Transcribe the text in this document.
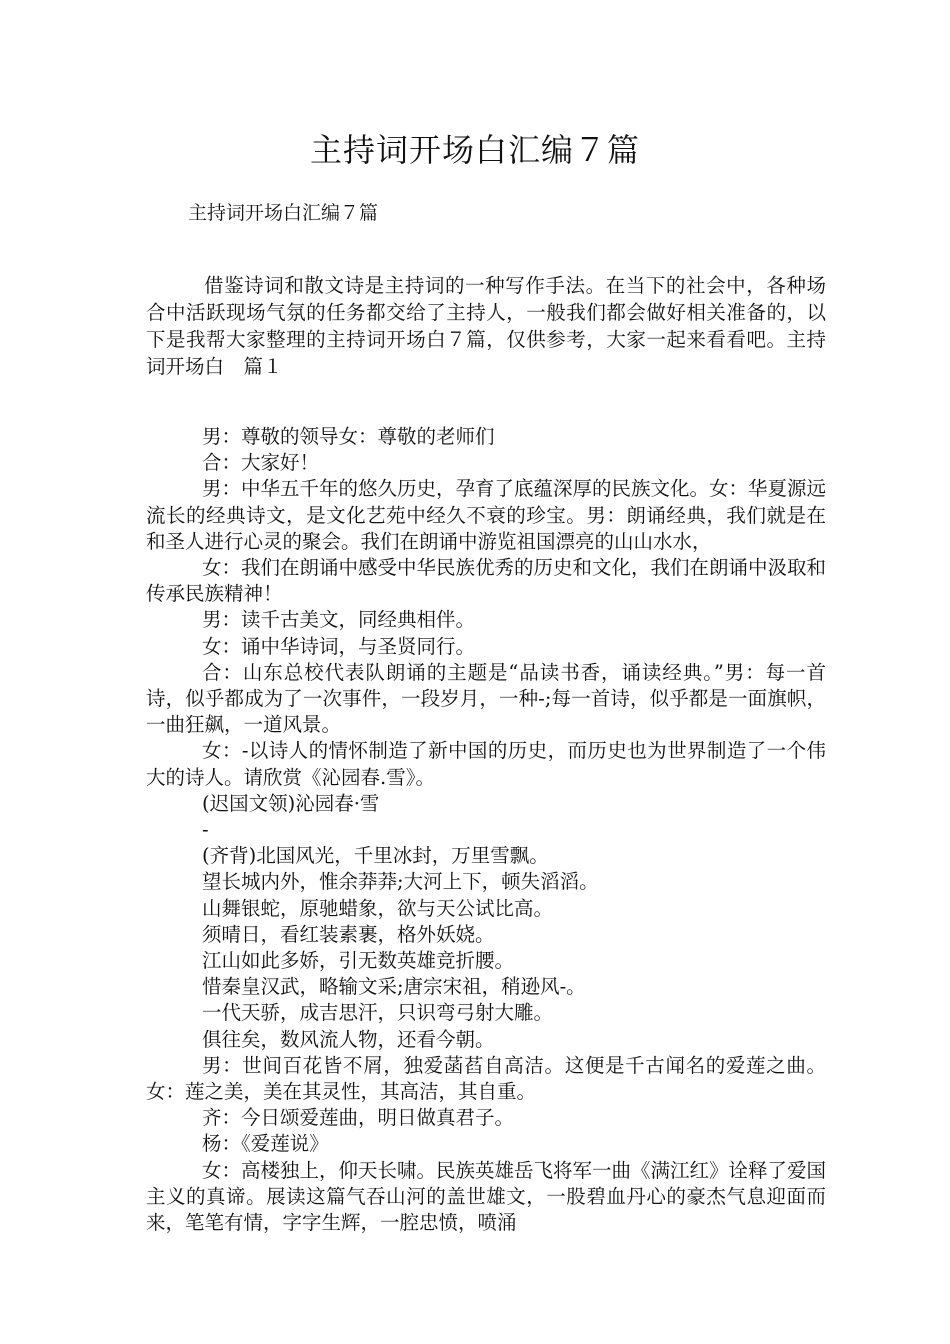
主持词开场白汇编７篇
主持词开场白汇编７篇
借鉴诗词和散文诗是主持词的一种写作手法。在当下的社会中，各种场合中活跃现场气氛的任务都交给了主持人，一般我们都会做好相关准备的，以下是我帮大家整理的主持词开场白７篇，仅供参考，大家一起来看看吧。主持词开场白　篇１

男：尊敬的领导女：尊敬的老师们

合：大家好！

男：中华五千年的悠久历史，孕育了底蕴深厚的民族文化。女：华夏源远流长的经典诗文，是文化艺苑中经久不衰的珍宝。男：朗诵经典，我们就是在和圣人进行心灵的聚会。我们在朗诵中游览祖国漂亮的山山水水，

女：我们在朗诵中感受中华民族优秀的历史和文化，我们在朗诵中汲取和传承民族精神！

男：读千古美文，同经典相伴。

女：诵中华诗词，与圣贤同行。

合：山东总校代表队朗诵的主题是“品读书香，诵读经典。”男：每一首诗，似乎都成为了一次事件，一段岁月，一种-;每一首诗，似乎都是一面旗帜，一曲狂飙，一道风景。

女：-以诗人的情怀制造了新中国的历史，而历史也为世界制造了一个伟大的诗人。请欣赏《沁园春.雪》。

(迟国文领)沁园春·雪

-

(齐背)北国风光，千里冰封，万里雪飘。

望长城内外，惟余莽莽;大河上下，顿失滔滔。

山舞银蛇，原驰蜡象，欲与天公试比高。

须晴日，看红装素裹，格外妖娆。

江山如此多娇，引无数英雄竞折腰。

惜秦皇汉武，略输文采;唐宗宋祖，稍逊风-。

一代天骄，成吉思汗，只识弯弓射大雕。

俱往矣，数风流人物，还看今朝。

男：世间百花皆不屑，独爱菡萏自高洁。这便是千古闻名的爱莲之曲。女：莲之美，美在其灵性，其高洁，其自重。

齐：今日颂爱莲曲，明日做真君子。

杨：《爱莲说》

女：高楼独上，仰天长啸。民族英雄岳飞将军一曲《满江红》诠释了爱国主义的真谛。展读这篇气吞山河的盖世雄文，一股碧血丹心的豪杰气息迎面而来，笔笔有情，字字生辉，一腔忠愤，喷涌
